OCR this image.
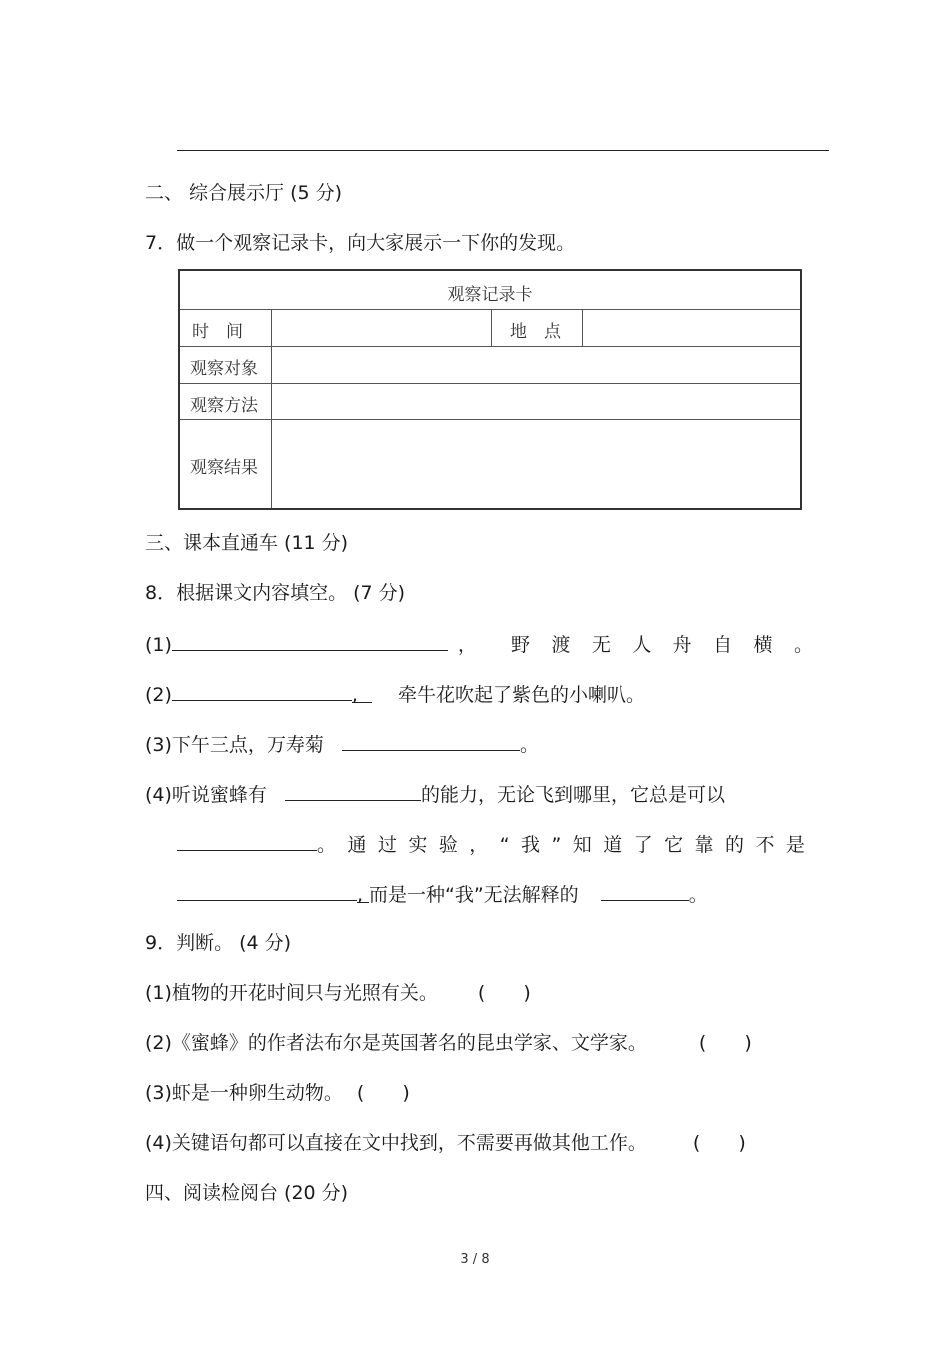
二、 综合展示厅 (5 分)
7．做一个观察记录卡，向大家展示一下你的发现。
观察记录卡
时　间	地　点
观察对象
观察方法
观察结果
三、课本直通车 (11 分)
8．根据课文内容填空。 (7 分)
(1)	， 野 渡 无 人 舟 自 横 。
(2)	, 牵牛花吹起了紫色的小喇叭。
(3)下午三点，万寿菊	。
(4)听说蜜蜂有	的能力，无论飞到哪里，它总是可以
。 通 过 实 验 ， “ 我 ” 知 道 了 它 靠 的 不 是
, 而是一种“我”无法解释的	。
9．判断。 (4 分)
(1)植物的开花时间只与光照有关。 (　　)
(2)《蜜蜂》的作者法布尔是英国著名的昆虫学家、文学家。	(　　)
(3)虾是一种卵生动物。 (　　)
(4)关键语句都可以直接在文中找到，不需要再做其他工作。 (　　)
四、阅读检阅台 (20 分)
3 / 8
